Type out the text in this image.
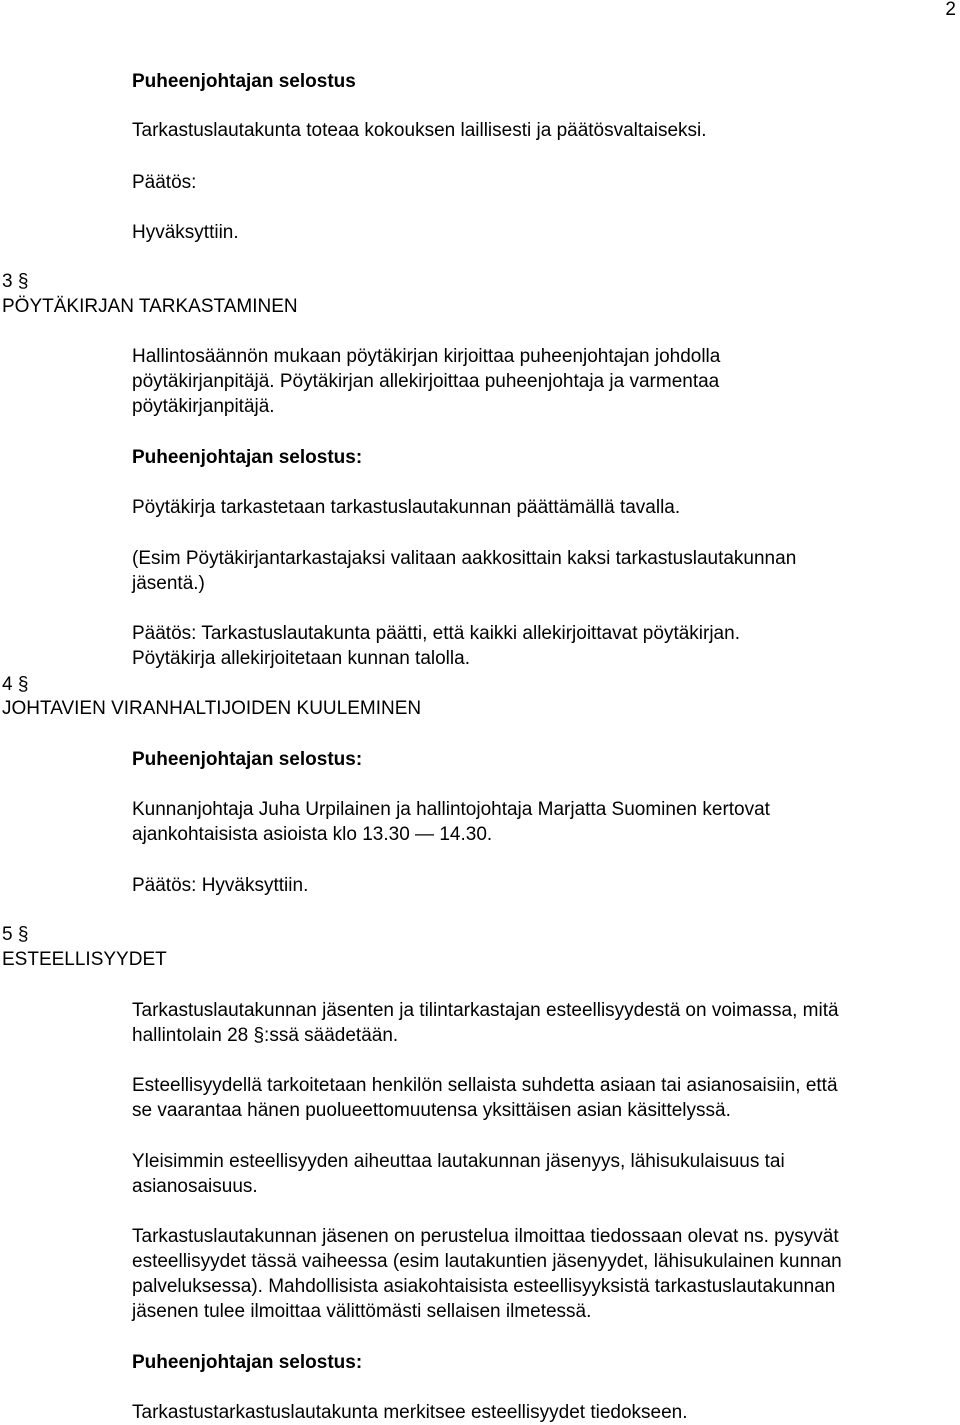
2
Puheenjohtajan selostus
Tarkastuslautakunta toteaa kokouksen laillisesti ja päätösvaltaiseksi.
Päätös:
Hyväksyttiin.
3 §
PÖYTÄKIRJAN TARKASTAMINEN
Hallintosäännön mukaan pöytäkirjan kirjoittaa puheenjohtajan johdolla
pöytäkirjanpitäjä. Pöytäkirjan allekirjoittaa puheenjohtaja ja varmentaa
pöytäkirjanpitäjä.
Puheenjohtajan selostus:
Pöytäkirja tarkastetaan tarkastuslautakunnan päättämällä tavalla.
(Esim Pöytäkirjantarkastajaksi valitaan aakkosittain kaksi tarkastuslautakunnan
jäsentä.)
Päätös: Tarkastuslautakunta päätti, että kaikki allekirjoittavat pöytäkirjan.
Pöytäkirja allekirjoitetaan kunnan talolla.
4 §
JOHTAVIEN VIRANHALTIJOIDEN KUULEMINEN
Puheenjohtajan selostus:
Kunnanjohtaja Juha Urpilainen ja hallintojohtaja Marjatta Suominen kertovat
ajankohtaisista asioista klo 13.30 — 14.30.
Päätös: Hyväksyttiin.
5 §
ESTEELLISYYDET
Tarkastuslautakunnan jäsenten ja tilintarkastajan esteellisyydestä on voimassa, mitä
hallintolain 28 §:ssä säädetään.
Esteellisyydellä tarkoitetaan henkilön sellaista suhdetta asiaan tai asianosaisiin, että
se vaarantaa hänen puolueettomuutensa yksittäisen asian käsittelyssä.
Yleisimmin esteellisyyden aiheuttaa lautakunnan jäsenyys, lähisukulaisuus tai
asianosaisuus.
Tarkastuslautakunnan jäsenen on perustelua ilmoittaa tiedossaan olevat ns. pysyvät
esteellisyydet tässä vaiheessa (esim lautakuntien jäsenyydet, lähisukulainen kunnan
palveluksessa). Mahdollisista asiakohtaisista esteellisyyksistä tarkastuslautakunnan
jäsenen tulee ilmoittaa välittömästi sellaisen ilmetessä.
Puheenjohtajan selostus:
Tarkastustarkastuslautakunta merkitsee esteellisyydet tiedokseen.
